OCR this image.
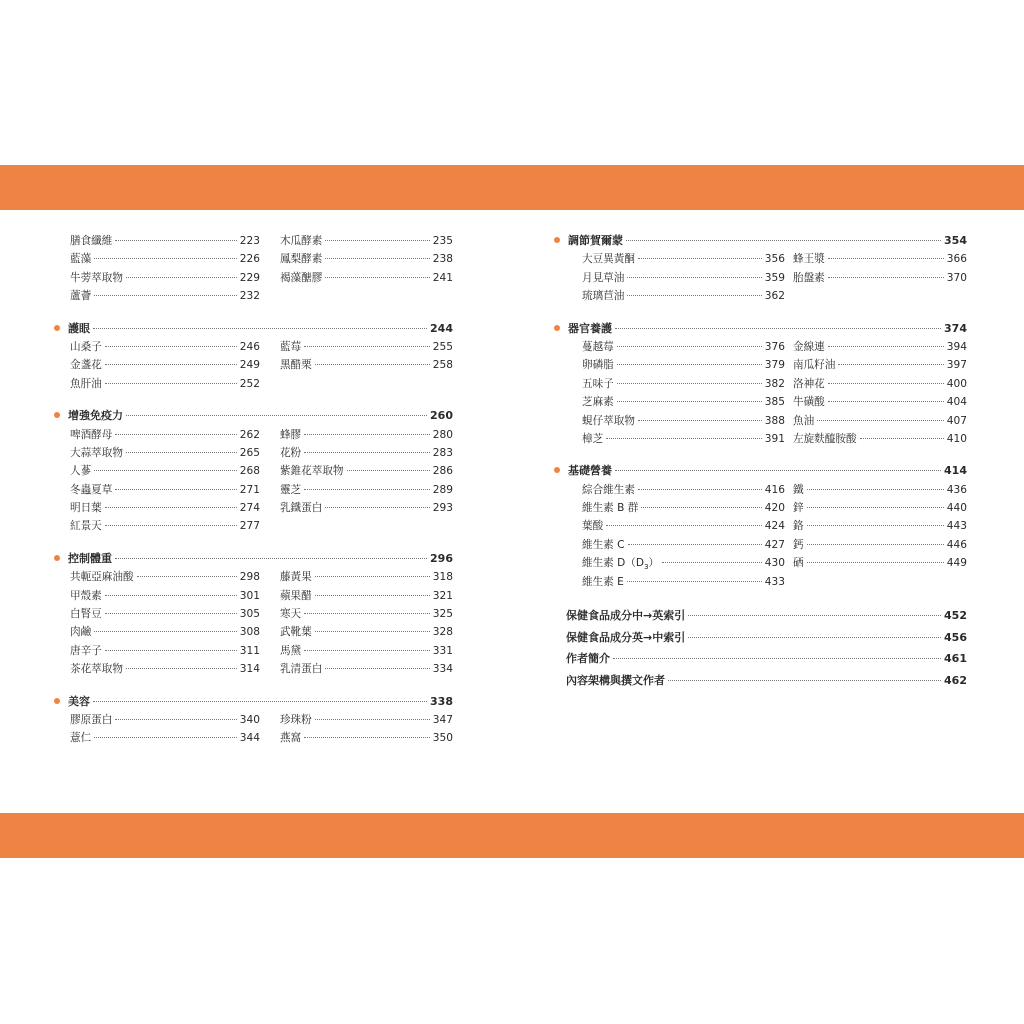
膳食纖維	223 木瓜酵素	235
藍藻	226 鳳梨酵素	238
牛蒡萃取物	229 褐藻醣膠	241
蘆薈	232
護眼	244
山桑子	246 藍莓	255
金盞花	249 黑醋栗	258
魚肝油	252
增強免疫力	260
啤酒酵母	262 蜂膠	280
大蒜萃取物	265 花粉	283
人蔘	268 紫錐花萃取物	286
冬蟲夏草	271 靈芝	289
明日葉	274 乳鐵蛋白	293
紅景天	277
控制體重	296
共軛亞麻油酸	298 藤黃果	318
甲殼素	301 蘋果醋	321
白腎豆	305 寒天	325
肉鹼	308 武靴葉	328
唐辛子	311 馬黛	331
茶花萃取物	314 乳清蛋白	334
美容	338
膠原蛋白	340 珍珠粉	347
薏仁	344 燕窩	350
調節賀爾蒙	354
大豆異黃酮	356 蜂王漿	366
月見草油	359 胎盤素	370
琉璃苣油	362
器官養護	374
蔓越莓	376 金線連	394
卵磷脂	379 南瓜籽油	397
五味子	382 洛神花	400
芝麻素	385 牛磺酸	404
蜆仔萃取物	388 魚油	407
樟芝	391 左旋麩醯胺酸	410
基礎營養	414
綜合維生素	416 鐵	436
維生素 B 群	420 鋅	440
葉酸	424 鉻	443
維生素 C	427 鈣	446
維生素 $D(D_3)$	430 硒	449
維生素 E	433
保健食品成分中→英索引	452
保健食品成分英→中索引	456
作者簡介	461
內容架構與撰文作者	462
